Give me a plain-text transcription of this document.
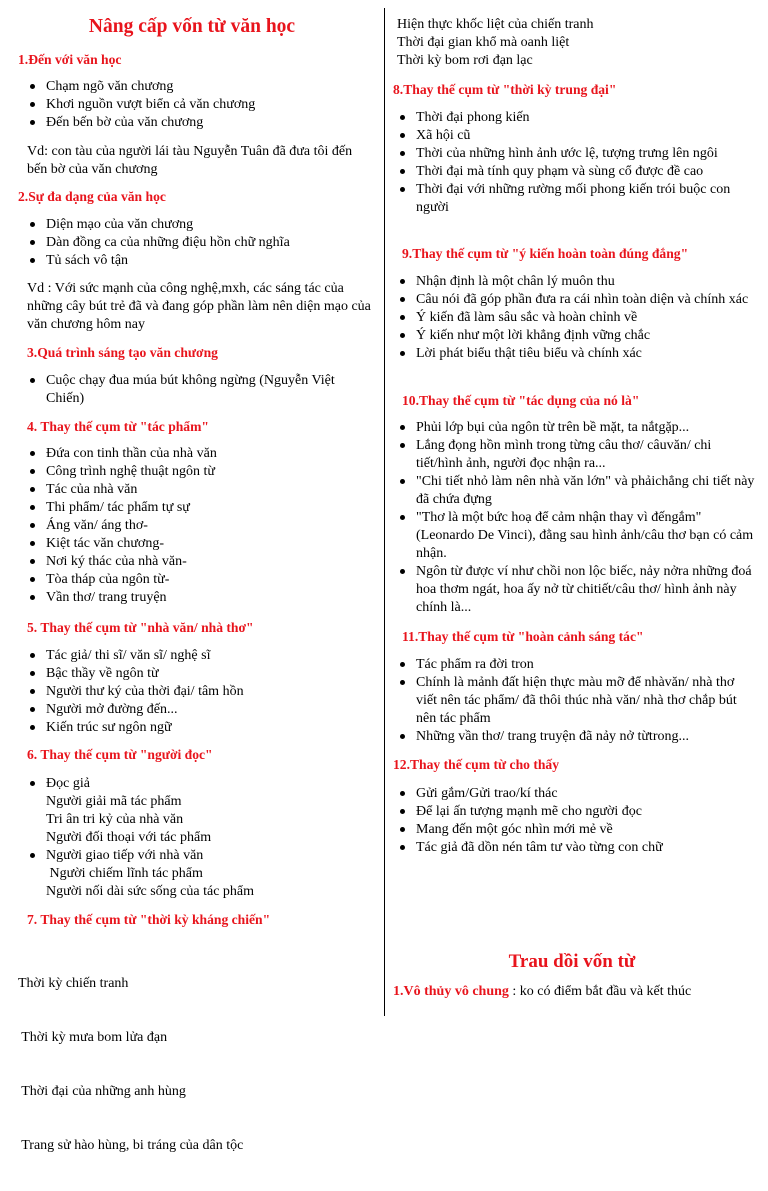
Nâng cấp vốn từ văn học
1.Đến với văn học
Chạm ngõ văn chương
Khơi nguồn vượt biển cả văn chương
Đến bến bờ của văn chương
Vd: con tàu của người lái tàu Nguyễn Tuân đã đưa tôi đến bến bờ của văn chương
2.Sự đa dạng của văn học
Diện mạo của văn chương
Dàn đồng ca của những điệu hồn chữ nghĩa
Tủ sách vô tận
Vd : Với sức mạnh của công nghệ,mxh, các sáng tác của những cây bút trẻ đã và đang góp phần làm nên diện mạo của văn chương hôm nay
3.Quá trình sáng tạo văn chương
Cuộc chạy đua múa bút không ngừng (Nguyễn Việt Chiến)
4. Thay thế cụm từ "tác phẩm"
Đứa con tinh thần của nhà văn
Công trình nghệ thuật ngôn từ
Tác của nhà văn
Thi phẩm/ tác phẩm tự sự
Áng văn/ áng thơ-
Kiệt tác văn chương-
Nơi ký thác của nhà văn-
Tòa tháp của ngôn từ-
Vần thơ/ trang truyện
5. Thay thế cụm từ "nhà văn/ nhà thơ"
Tác giả/ thi sĩ/ văn sĩ/ nghệ sĩ
Bậc thầy về ngôn từ
Người thư ký của thời đại/ tâm hồn
Người mở đường đến...
Kiến trúc sư ngôn ngữ
6. Thay thế cụm từ "người đọc"
Đọc giả
Người giải mã tác phẩm
Tri ân tri kỷ của nhà văn
Người đối thoại với tác phẩm
Người giao tiếp với nhà văn
Người chiếm lĩnh tác phẩm
Người nối dài sức sống của tác phẩm
7. Thay thế cụm từ "thời kỳ kháng chiến"

Thời kỳ chiến tranh

Thời kỳ mưa bom lửa đạn

Thời đại của những anh hùng

Trang sử hào hùng, bi tráng của dân tộc

Hiện thực khốc liệt của chiến tranh
Thời đại gian khổ mà oanh liệt
Thời kỳ bom rơi đạn lạc
8.Thay thế cụm từ "thời kỳ trung đại"
Thời đại phong kiến
Xã hội cũ
Thời của những hình ảnh ước lệ, tượng trưng lên ngôi
Thời đại mà tính quy phạm và sùng cổ được đề cao
Thời đại với những rường mối phong kiến trói buộc con người
9.Thay thế cụm từ "ý kiến hoàn toàn đúng đắng"
Nhận định là một chân lý muôn thu
Câu nói đã góp phần đưa ra cái nhìn toàn diện và chính xác
Ý kiến đã làm sâu sắc và hoàn chỉnh về
Ý kiến như một lời khẳng định vững chắc
Lời phát biểu thật tiêu biểu và chính xác
10.Thay thế cụm từ "tác dụng của nó là"
Phủi lớp bụi của ngôn từ trên bề mặt, ta nắtgặp...
Lắng đọng hồn mình trong từng câu thơ/ câuvăn/ chi tiết/hình ảnh, người đọc nhận ra...
"Chi tiết nhỏ làm nên nhà văn lớn" và phảichẳng chi tiết này đã chứa đựng
"Thơ là một bức hoạ để cảm nhận thay vì đếngắm" (Leonardo De Vinci), đằng sau hình ảnh/câu thơ bạn có cảm nhận.
Ngôn từ được ví như chồi non lộc biếc, nảy nởra những đoá hoa thơm ngát, hoa ấy nở từ chitiết/câu thơ/ hình ảnh này chính là...
11.Thay thế cụm từ "hoàn cảnh sáng tác"
Tác phẩm ra đời tron
Chính là mảnh đất hiện thực màu mỡ để nhàvăn/ nhà thơ viết nên tác phẩm/ đã thôi thúc nhà văn/ nhà thơ chắp bút nên tác phẩm
Những vần thơ/ trang truyện đã nảy nở từtrong...
12.Thay thế cụm từ cho thấy
Gửi gắm/Gửi trao/kí thác
Để lại ấn tượng mạnh mẽ cho người đọc
Mang đến một góc nhìn mới mẻ về
Tác giả đã dồn nén tâm tư vào từng con chữ
Trau dồi vốn từ
1.Vô thủy vô chung : ko có điểm bắt đầu và kết thúc
